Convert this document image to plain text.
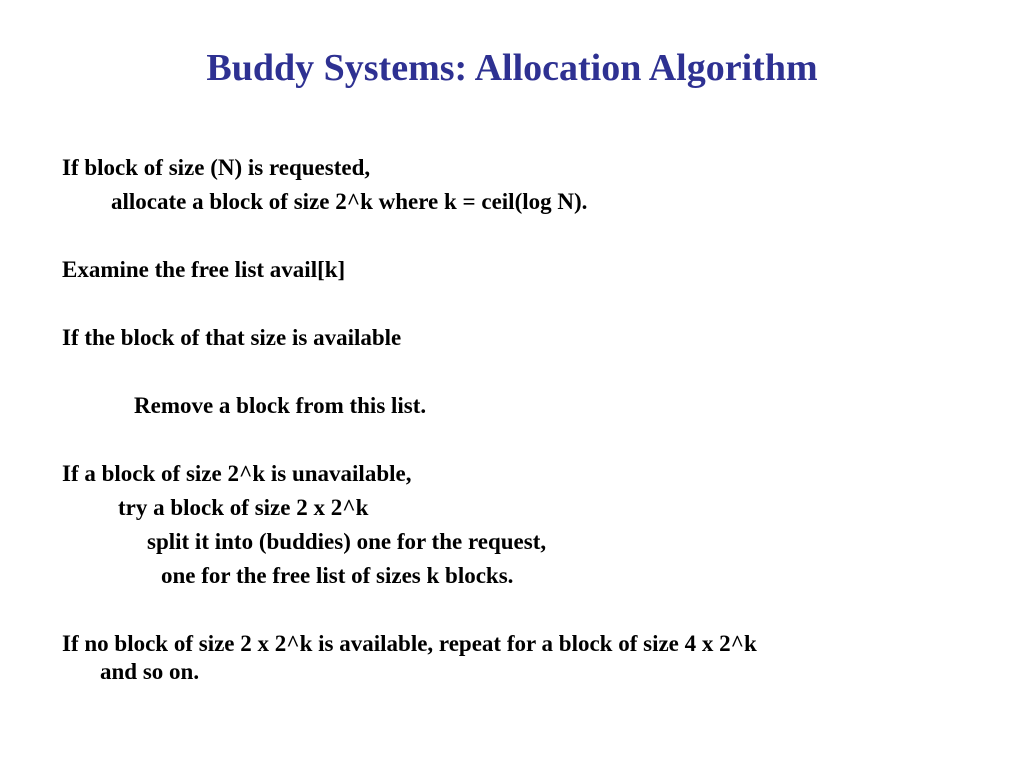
Buddy Systems: Allocation Algorithm
If block of size (N) is requested,
allocate a block of size 2^k where k = ceil(log N).
Examine the free list avail[k]
If the block of that size is available
Remove a block from this list.
If a block of size 2^k is unavailable,
try a block of size 2 x 2^k
split it into (buddies) one for the request,
one for the free list of sizes k blocks.
If no block of size 2 x 2^k is available, repeat for a block of size 4 x 2^k
and so on.
